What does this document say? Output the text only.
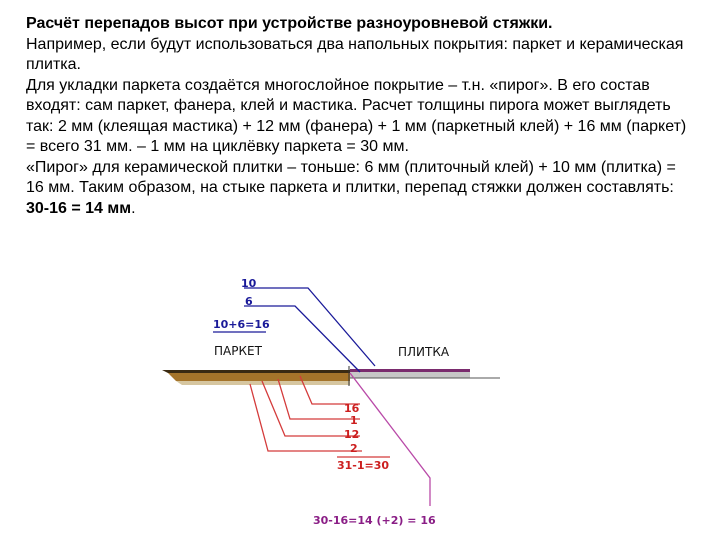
Расчёт перепадов высот при устройстве разноуровневой стяжки.

Например, если будут использоваться два напольных покрытия: паркет и керамическая плитка.

Для укладки паркета создаётся многослойное покрытие – т.н. «пирог». В его состав входят: сам паркет, фанера, клей и мастика. Расчет толщины пирога может выглядеть так: 2 мм (клеящая мастика) + 12 мм (фанера) + 1 мм (паркетный клей) + 16 мм (паркет) = всего 31 мм. – 1 мм на циклёвку паркета = 30 мм.

«Пирог» для керамической плитки – тоньше: 6 мм (плиточный клей) + 10 мм (плитка) = 16 мм. Таким образом, на стыке паркета и плитки, перепад стяжки должен составлять: 30-16 = 14 мм.

10
6
10+6=16
ПАРКЕТ	ПЛИТКА
16
1
12
2
31-1=30
30-16=14 (+2) = 16
